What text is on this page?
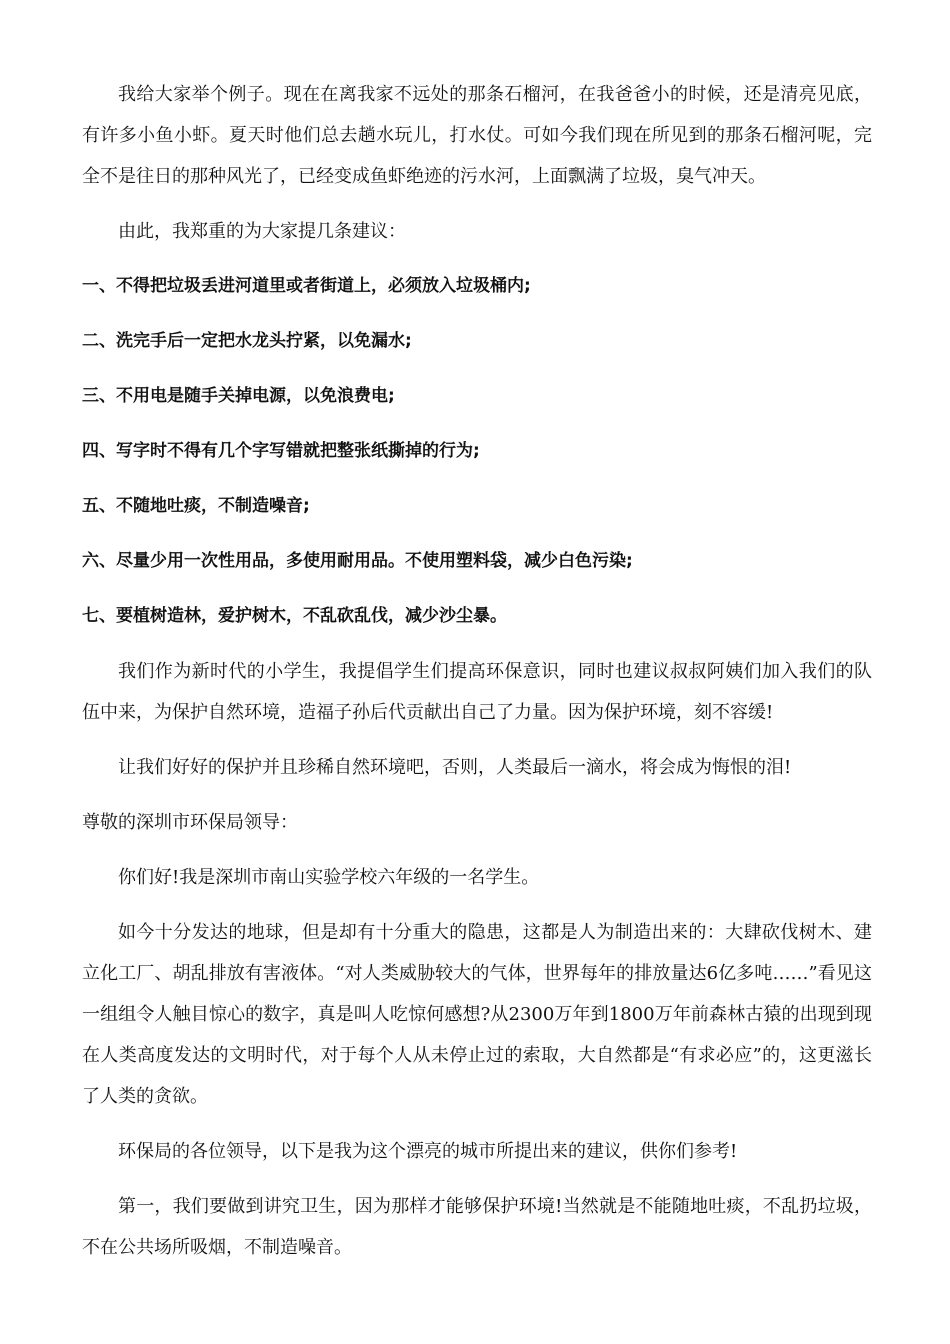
我给大家举个例子。现在在离我家不远处的那条石榴河，在我爸爸小的时候，还是清亮见底，有许多小鱼小虾。夏天时他们总去趟水玩儿，打水仗。可如今我们现在所见到的那条石榴河呢，完全不是往日的那种风光了，已经变成鱼虾绝迹的污水河，上面飘满了垃圾，臭气冲天。

由此，我郑重的为大家提几条建议：

一、不得把垃圾丢进河道里或者街道上，必须放入垃圾桶内;

二、洗完手后一定把水龙头拧紧，以免漏水;

三、不用电是随手关掉电源，以免浪费电;

四、写字时不得有几个字写错就把整张纸撕掉的行为;

五、不随地吐痰，不制造噪音;

六、尽量少用一次性用品，多使用耐用品。不使用塑料袋，减少白色污染;

七、要植树造林，爱护树木，不乱砍乱伐，减少沙尘暴。

我们作为新时代的小学生，我提倡学生们提高环保意识，同时也建议叔叔阿姨们加入我们的队伍中来，为保护自然环境，造福子孙后代贡献出自己了力量。因为保护环境，刻不容缓!

让我们好好的保护并且珍稀自然环境吧，否则，人类最后一滴水，将会成为悔恨的泪!

尊敬的深圳市环保局领导：

你们好!我是深圳市南山实验学校六年级的一名学生。

如今十分发达的地球，但是却有十分重大的隐患，这都是人为制造出来的：大肆砍伐树木、建立化工厂、胡乱排放有害液体。“对人类威胁较大的气体，世界每年的排放量达6亿多吨……”看见这一组组令人触目惊心的数字，真是叫人吃惊何感想?从2300万年到1800万年前森林古猿的出现到现在人类高度发达的文明时代，对于每个人从未停止过的索取，大自然都是“有求必应”的，这更滋长了人类的贪欲。

环保局的各位领导，以下是我为这个漂亮的城市所提出来的建议，供你们参考!

第一，我们要做到讲究卫生，因为那样才能够保护环境!当然就是不能随地吐痰，不乱扔垃圾，不在公共场所吸烟，不制造噪音。
